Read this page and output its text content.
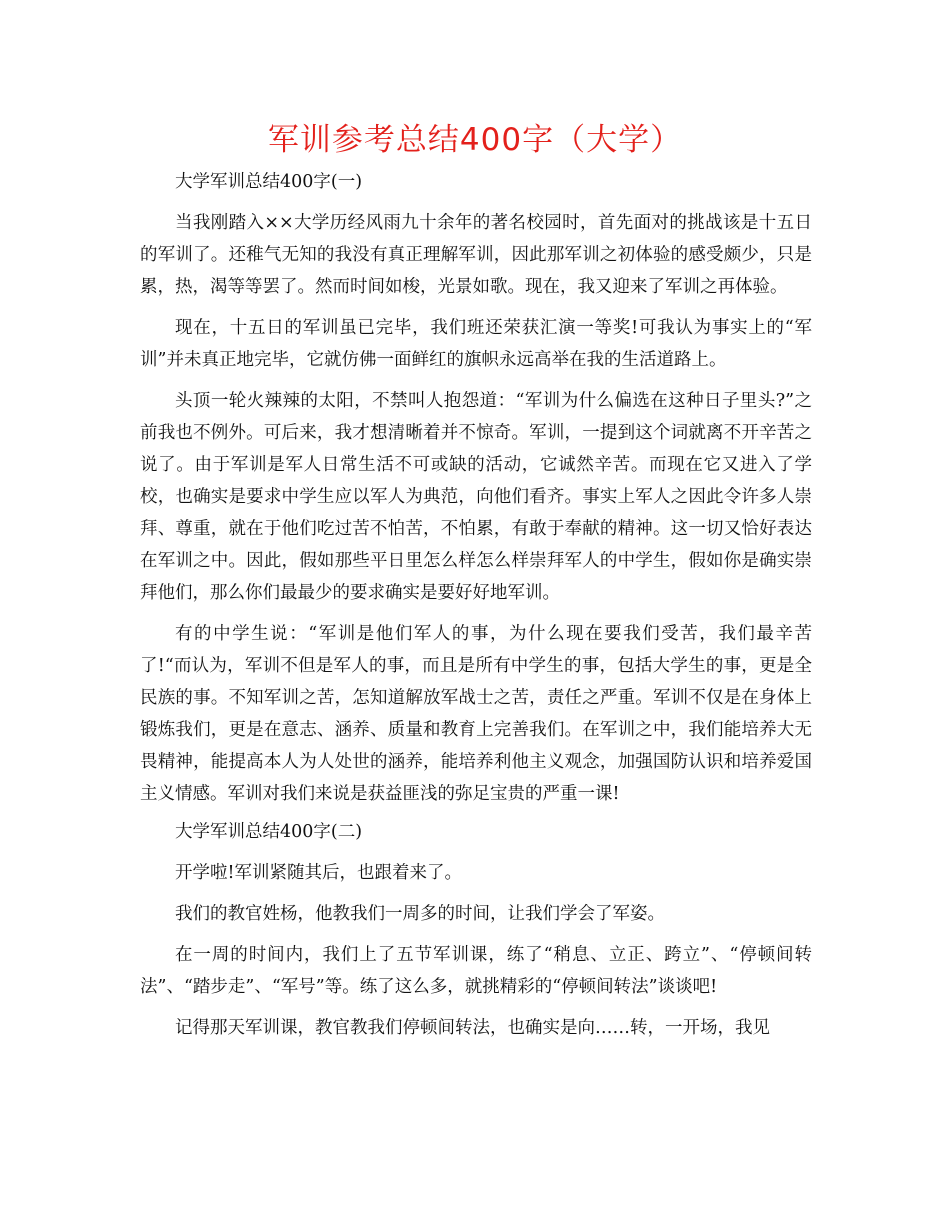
军训参考总结400字（大学）

大学军训总结400字(一)

当我刚踏入××大学历经风雨九十余年的著名校园时，首先面对的挑战该是十五日的军训了。还稚气无知的我没有真正理解军训，因此那军训之初体验的感受颇少，只是累，热，渴等等罢了。然而时间如梭，光景如歌。现在，我又迎来了军训之再体验。

现在，十五日的军训虽已完毕，我们班还荣获汇演一等奖!可我认为事实上的“军训”并未真正地完毕，它就仿佛一面鲜红的旗帜永远高举在我的生活道路上。

头顶一轮火辣辣的太阳，不禁叫人抱怨道：“军训为什么偏选在这种日子里头?”之前我也不例外。可后来，我才想清晰着并不惊奇。军训，一提到这个词就离不开辛苦之说了。由于军训是军人日常生活不可或缺的活动，它诚然辛苦。而现在它又进入了学校，也确实是要求中学生应以军人为典范，向他们看齐。事实上军人之因此令许多人崇拜、尊重，就在于他们吃过苦不怕苦，不怕累，有敢于奉献的精神。这一切又恰好表达在军训之中。因此，假如那些平日里怎么样怎么样崇拜军人的中学生，假如你是确实崇拜他们，那么你们最最少的要求确实是要好好地军训。

有的中学生说：“军训是他们军人的事，为什么现在要我们受苦，我们最辛苦了!“而认为，军训不但是军人的事，而且是所有中学生的事，包括大学生的事，更是全民族的事。不知军训之苦，怎知道解放军战士之苦，责任之严重。军训不仅是在身体上锻炼我们，更是在意志、涵养、质量和教育上完善我们。在军训之中，我们能培养大无畏精神，能提高本人为人处世的涵养，能培养利他主义观念，加强国防认识和培养爱国主义情感。军训对我们来说是获益匪浅的弥足宝贵的严重一课!

大学军训总结400字(二)

开学啦!军训紧随其后，也跟着来了。

我们的教官姓杨，他教我们一周多的时间，让我们学会了军姿。

在一周的时间内，我们上了五节军训课，练了“稍息、立正、跨立”、“停顿间转法”、“踏步走”、“军号”等。练了这么多，就挑精彩的“停顿间转法”谈谈吧!

记得那天军训课，教官教我们停顿间转法，也确实是向……转，一开场，我见
